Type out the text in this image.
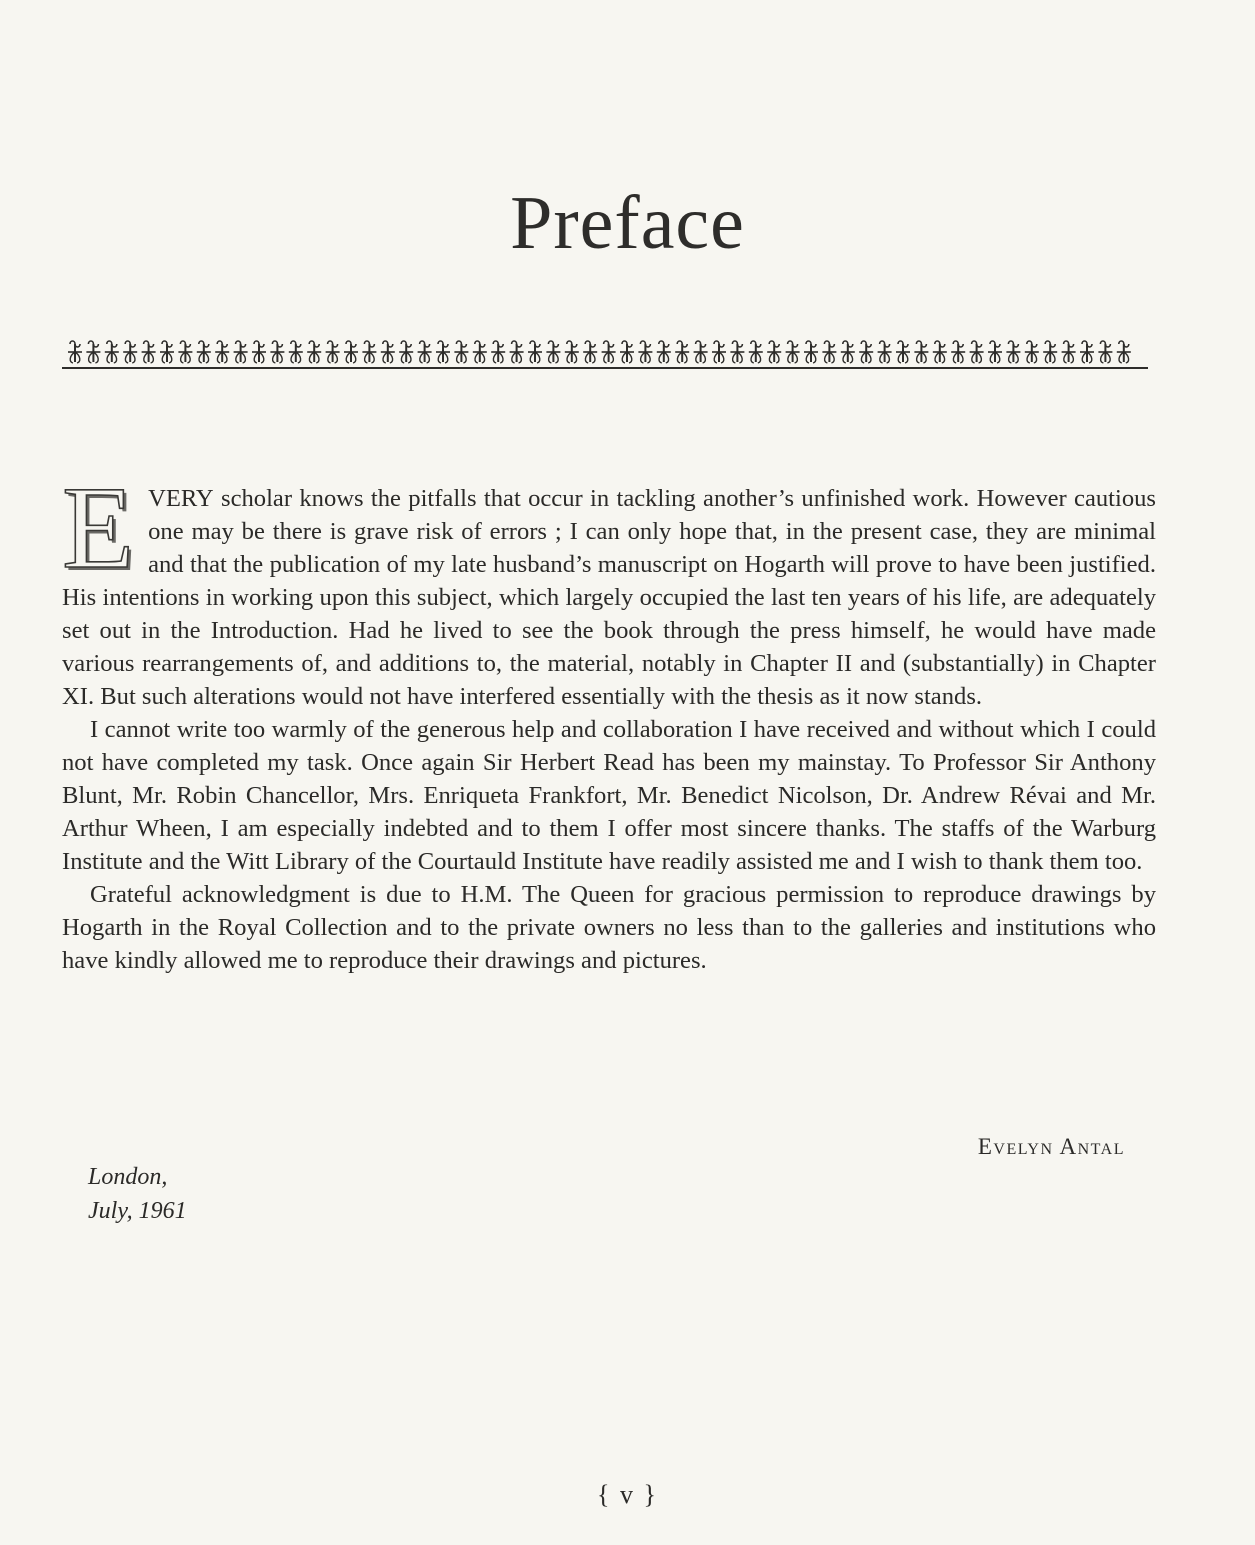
Preface

EVERY scholar knows the pitfalls that occur in tackling another’s unfinished work. However cautious one may be there is grave risk of errors ; I can only hope that, in the present case, they are minimal and that the publication of my late husband’s manuscript on Hogarth will prove to have been justified. His intentions in working upon this subject, which largely occupied the last ten years of his life, are adequately set out in the Introduction. Had he lived to see the book through the press himself, he would have made various rearrangements of, and additions to, the material, notably in Chapter II and (substantially) in Chapter XI. But such alterations would not have interfered essentially with the thesis as it now stands.

I cannot write too warmly of the generous help and collaboration I have received and without which I could not have completed my task. Once again Sir Herbert Read has been my mainstay. To Professor Sir Anthony Blunt, Mr. Robin Chancellor, Mrs. Enriqueta Frankfort, Mr. Benedict Nicolson, Dr. Andrew Révai and Mr. Arthur Wheen, I am especially indebted and to them I offer most sincere thanks. The staffs of the Warburg Institute and the Witt Library of the Courtauld Institute have readily assisted me and I wish to thank them too.

Grateful acknowledgment is due to H.M. The Queen for gracious permission to reproduce drawings by Hogarth in the Royal Collection and to the private owners no less than to the galleries and institutions who have kindly allowed me to reproduce their drawings and pictures.

Evelyn Antal
London,
July, 1961
{ v }
